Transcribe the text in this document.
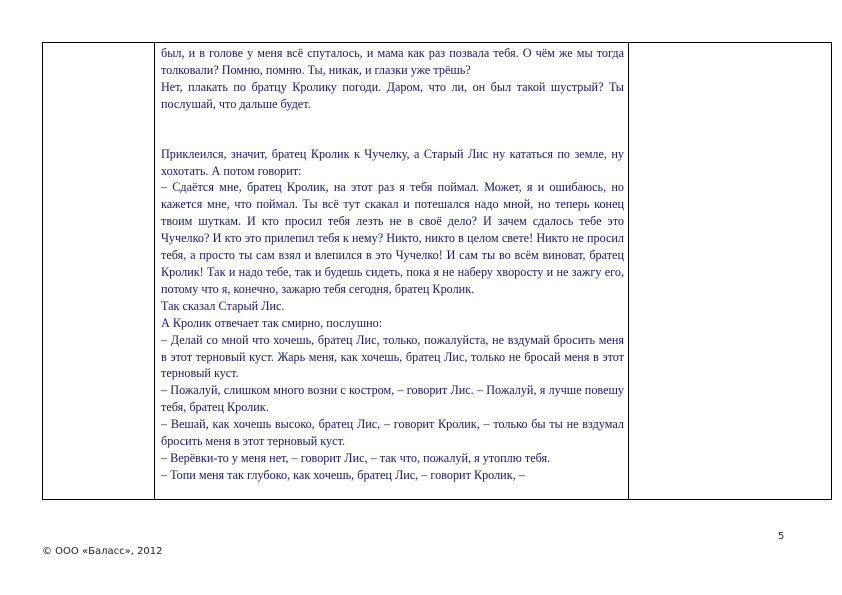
был, и в голове у меня всё спуталось, и мама как раз позвала тебя. О чём же мы тогда толковали? Помню, помню. Ты, никак, и глазки уже трёшь?

Нет, плакать по братцу Кролику погоди. Даром, что ли, он был такой шустрый? Ты послушай, что дальше будет.

Приклеился, значит, братец Кролик к Чучелку, а Старый Лис ну кататься по земле, ну хохотать. А потом говорит:

– Сдаётся мне, братец Кролик, на этот раз я тебя поймал. Может, я и ошибаюсь, но кажется мне, что поймал. Ты всё тут скакал и потешался надо мной, но теперь конец твоим шуткам. И кто просил тебя лезть не в своё дело? И зачем сдалось тебе это Чучелко? И кто это прилепил тебя к нему? Никто, никто в целом свете! Никто не просил тебя, а просто ты сам взял и влепился в это Чучелко! И сам ты во всём виноват, братец Кролик! Так и надо тебе, так и будешь сидеть, пока я не наберу хворосту и не зажгу его, потому что я, конечно, зажарю тебя сегодня, братец Кролик.

Так сказал Старый Лис.

А Кролик отвечает так смирно, послушно:

– Делай со мной что хочешь, братец Лис, только, пожалуйста, не вздумай бросить меня в этот терновый куст. Жарь меня, как хочешь, братец Лис, только не бросай меня в этот терновый куст.

– Пожалуй, слишком много возни с костром, – говорит Лис. – Пожалуй, я лучше повешу тебя, братец Кролик.

– Вешай, как хочешь высоко, братец Лис, – говорит Кролик, – только бы ты не вздумал бросить меня в этот терновый куст.

– Верёвки-то у меня нет, – говорит Лис, – так что, пожалуй, я утоплю тебя.

– Топи меня так глубоко, как хочешь, братец Лис, – говорит Кролик, –

5
© ООО «Баласс», 2012
